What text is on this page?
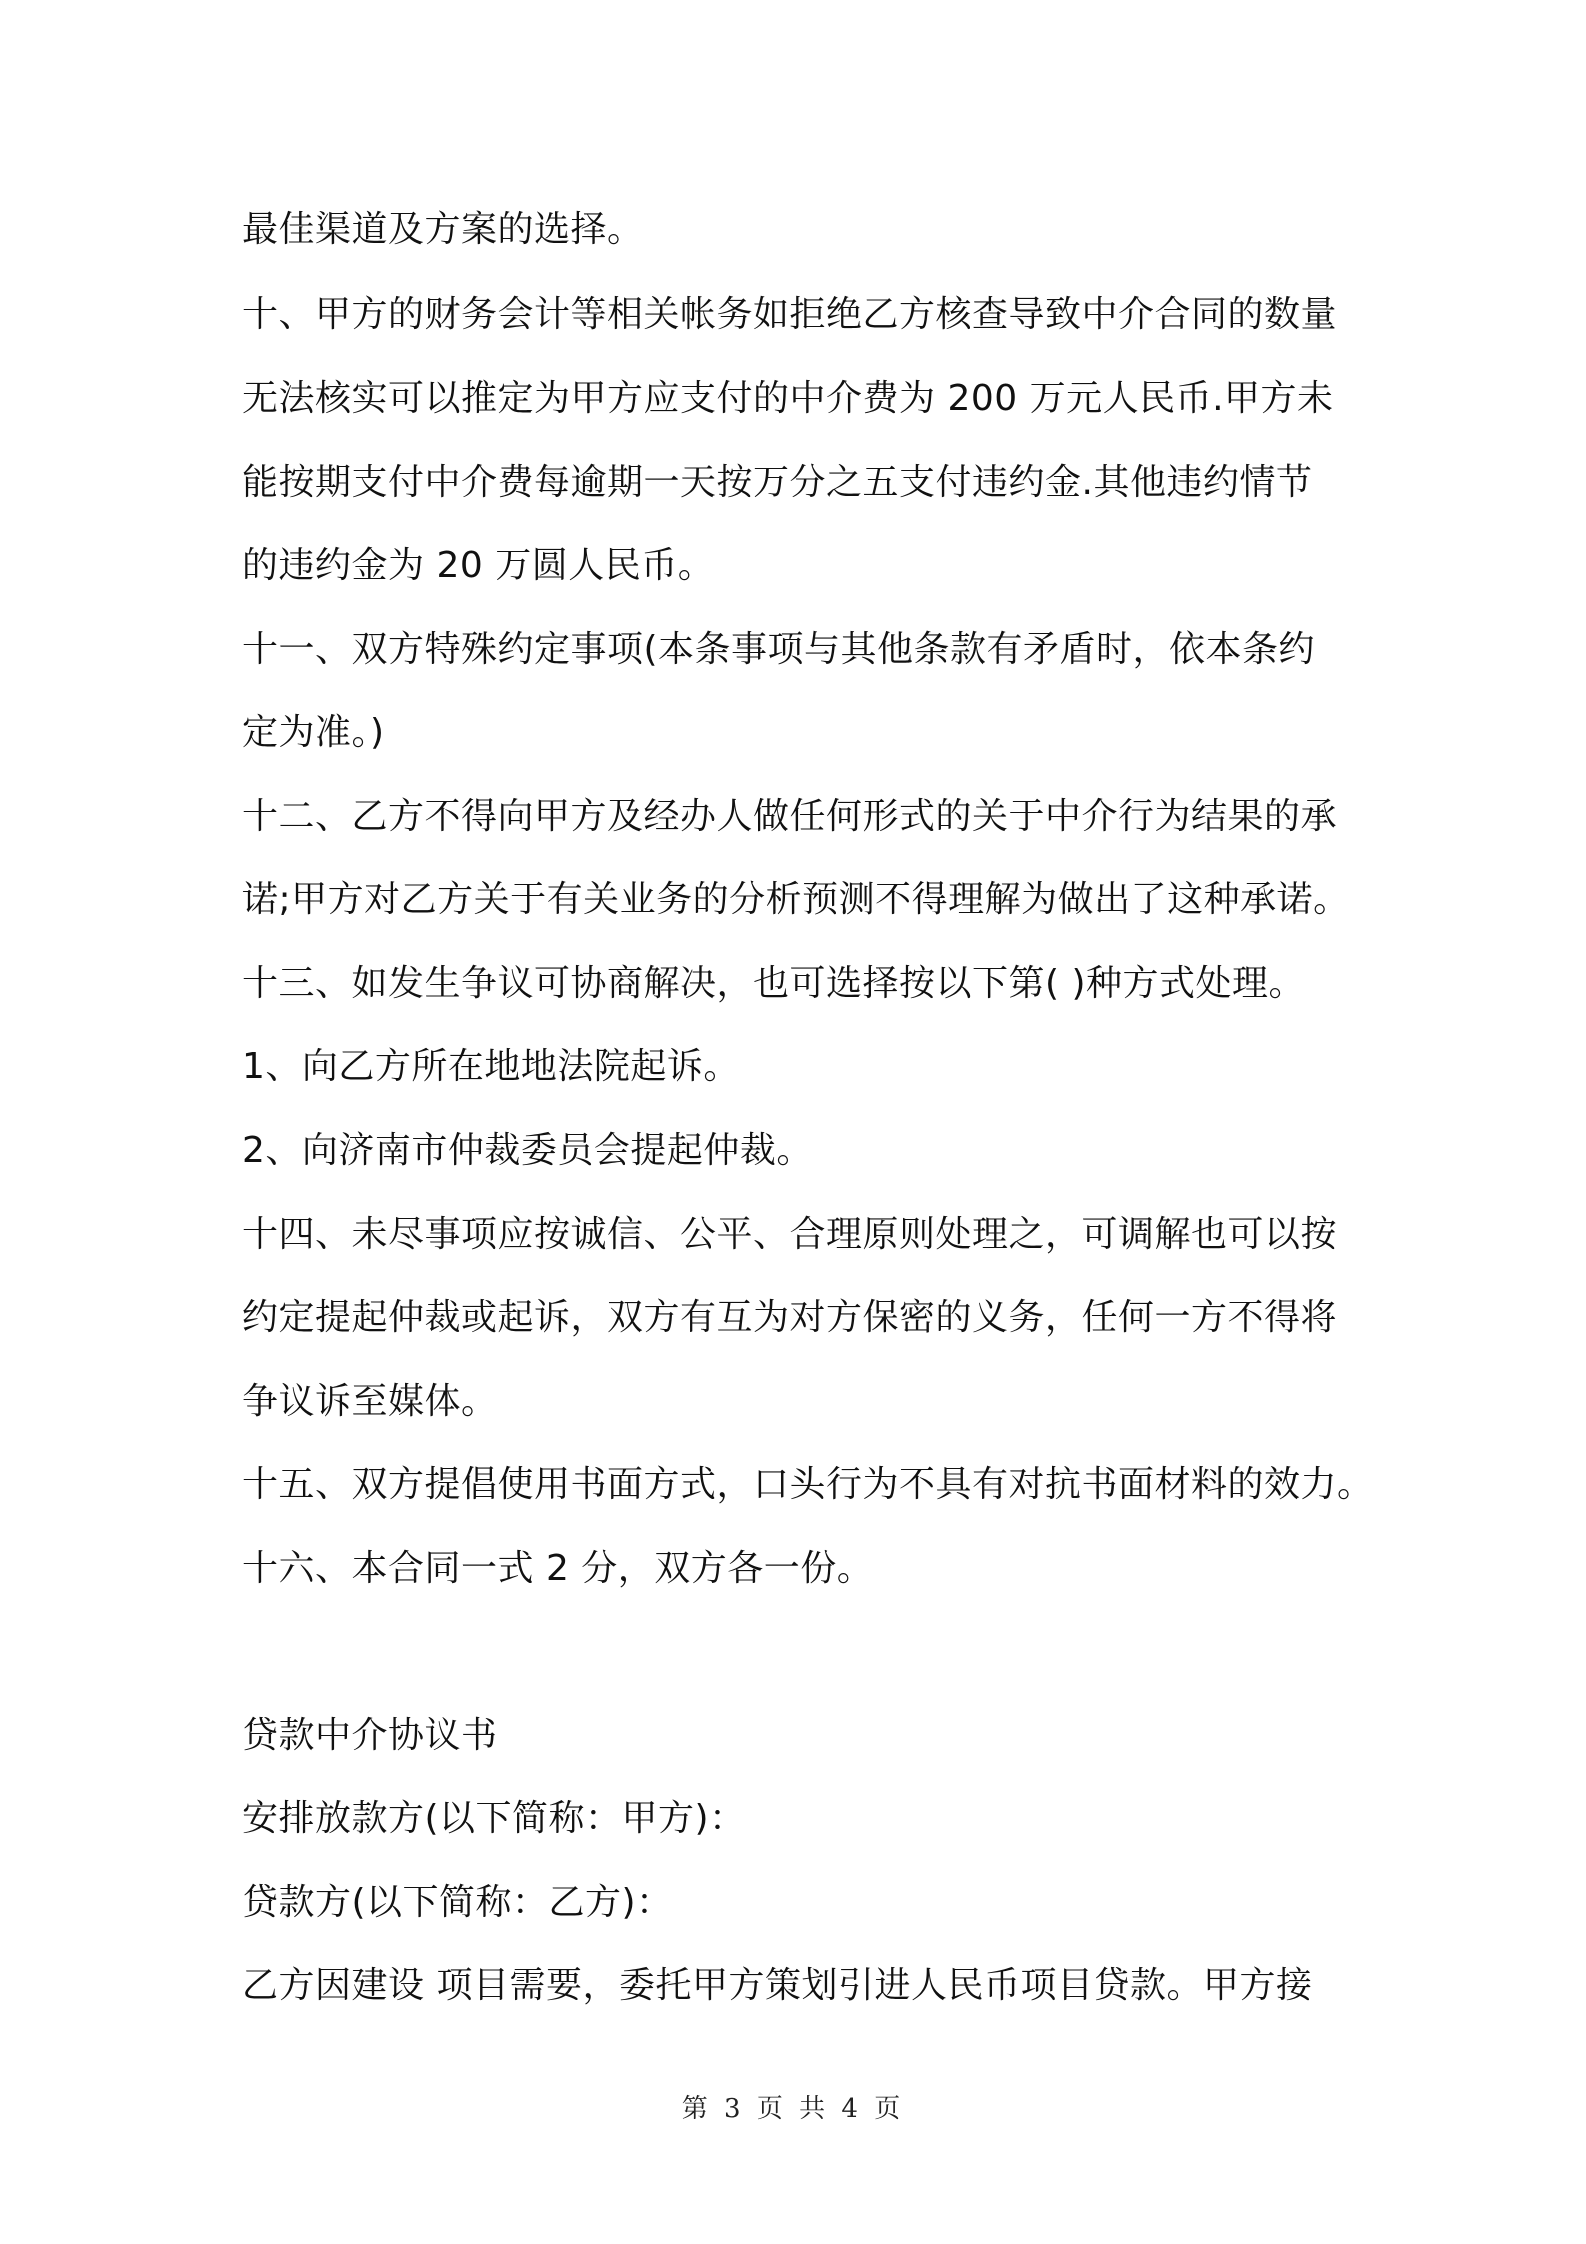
最佳渠道及方案的选择。
十、甲方的财务会计等相关帐务如拒绝乙方核查导致中介合同的数量
无法核实可以推定为甲方应支付的中介费为 200 万元人民币.甲方未
能按期支付中介费每逾期一天按万分之五支付违约金.其他违约情节
的违约金为 20 万圆人民币。
十一、双方特殊约定事项(本条事项与其他条款有矛盾时，依本条约
定为准。)
十二、乙方不得向甲方及经办人做任何形式的关于中介行为结果的承
诺;甲方对乙方关于有关业务的分析预测不得理解为做出了这种承诺。
十三、如发生争议可协商解决，也可选择按以下第( )种方式处理。
1、向乙方所在地地法院起诉。
2、向济南市仲裁委员会提起仲裁。
十四、未尽事项应按诚信、公平、合理原则处理之，可调解也可以按
约定提起仲裁或起诉，双方有互为对方保密的义务，任何一方不得将
争议诉至媒体。
十五、双方提倡使用书面方式，口头行为不具有对抗书面材料的效力。
十六、本合同一式 2 分，双方各一份。
贷款中介协议书
安排放款方(以下简称：甲方)：
贷款方(以下简称：乙方)：
乙方因建设 项目需要，委托甲方策划引进人民币项目贷款。甲方接
第 3 页 共 4 页
